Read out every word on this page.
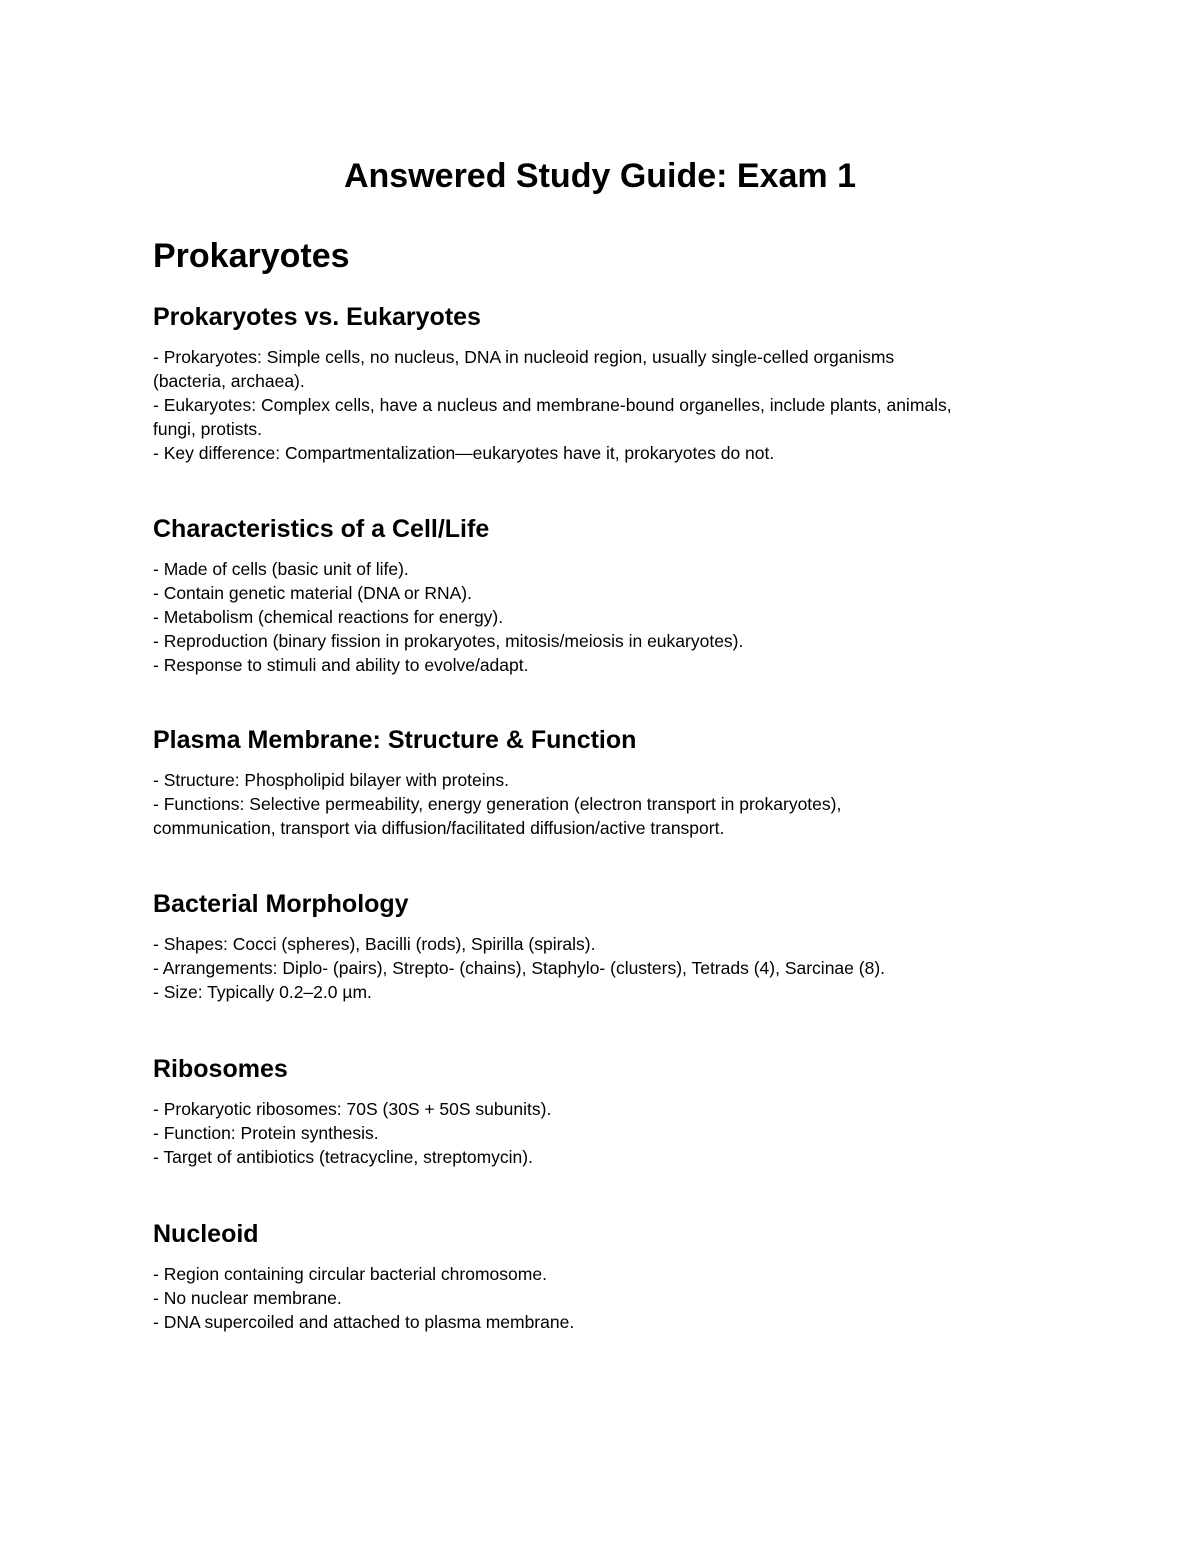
Answered Study Guide: Exam 1
Prokaryotes
Prokaryotes vs. Eukaryotes
- Prokaryotes: Simple cells, no nucleus, DNA in nucleoid region, usually single-celled organisms
(bacteria, archaea).
- Eukaryotes: Complex cells, have a nucleus and membrane-bound organelles, include plants, animals,
fungi, protists.
- Key difference: Compartmentalization—eukaryotes have it, prokaryotes do not.
Characteristics of a Cell/Life
- Made of cells (basic unit of life).
- Contain genetic material (DNA or RNA).
- Metabolism (chemical reactions for energy).
- Reproduction (binary fission in prokaryotes, mitosis/meiosis in eukaryotes).
- Response to stimuli and ability to evolve/adapt.
Plasma Membrane: Structure & Function
- Structure: Phospholipid bilayer with proteins.
- Functions: Selective permeability, energy generation (electron transport in prokaryotes),
communication, transport via diffusion/facilitated diffusion/active transport.
Bacterial Morphology
- Shapes: Cocci (spheres), Bacilli (rods), Spirilla (spirals).
- Arrangements: Diplo- (pairs), Strepto- (chains), Staphylo- (clusters), Tetrads (4), Sarcinae (8).
- Size: Typically 0.2–2.0 µm.
Ribosomes
- Prokaryotic ribosomes: 70S (30S + 50S subunits).
- Function: Protein synthesis.
- Target of antibiotics (tetracycline, streptomycin).
Nucleoid
- Region containing circular bacterial chromosome.
- No nuclear membrane.
- DNA supercoiled and attached to plasma membrane.
